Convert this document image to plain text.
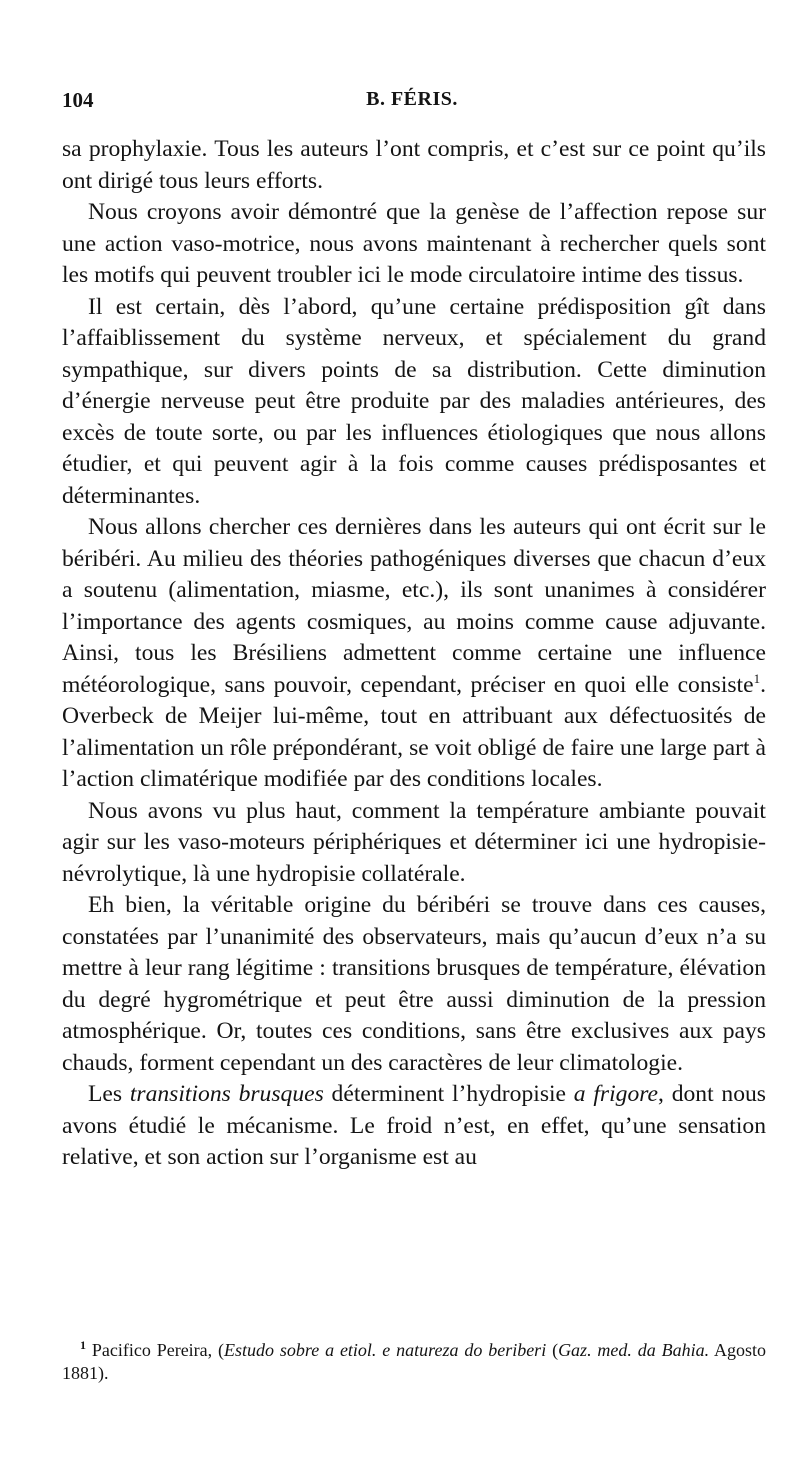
104	B. FÉRIS.

sa prophylaxie. Tous les auteurs l’ont compris, et c’est sur ce point qu’ils ont dirigé tous leurs efforts.

Nous croyons avoir démontré que la genèse de l’affection repose sur une action vaso-motrice, nous avons maintenant à rechercher quels sont les motifs qui peuvent troubler ici le mode circulatoire intime des tissus.

Il est certain, dès l’abord, qu’une certaine prédisposition gît dans l’affaiblissement du système nerveux, et spécialement du grand sympathique, sur divers points de sa distribution. Cette diminution d’énergie nerveuse peut être produite par des maladies antérieures, des excès de toute sorte, ou par les influences étiologiques que nous allons étudier, et qui peuvent agir à la fois comme causes prédisposantes et déterminantes.

Nous allons chercher ces dernières dans les auteurs qui ont écrit sur le béribéri. Au milieu des théories pathogéniques diverses que chacun d’eux a soutenu (alimentation, miasme, etc.), ils sont unanimes à considérer l’importance des agents cosmiques, au moins comme cause adjuvante. Ainsi, tous les Brésiliens admettent comme certaine une influence météorologique, sans pouvoir, cependant, préciser en quoi elle consiste$^1$. Overbeck de Meijer lui-même, tout en attribuant aux défectuosités de l’alimentation un rôle prépondérant, se voit obligé de faire une large part à l’action climatérique modifiée par des conditions locales.

Nous avons vu plus haut, comment la température ambiante pouvait agir sur les vaso-moteurs périphériques et déterminer ici une hydropisie-névrolytique, là une hydropisie collatérale.

Eh bien, la véritable origine du béribéri se trouve dans ces causes, constatées par l’unanimité des observateurs, mais qu’aucun d’eux n’a su mettre à leur rang légitime : transitions brusques de température, élévation du degré hygrométrique et peut être aussi diminution de la pression atmosphérique. Or, toutes ces conditions, sans être exclusives aux pays chauds, forment cependant un des caractères de leur climatologie.

Les transitions brusques déterminent l’hydropisie a frigore, dont nous avons étudié le mécanisme. Le froid n’est, en effet, qu’une sensation relative, et son action sur l’organisme est au

$^1$ Pacifico Pereira, (Estudo sobre a etiol. e natureza do beriberi (Gaz. med. da Bahia. Agosto 1881).
